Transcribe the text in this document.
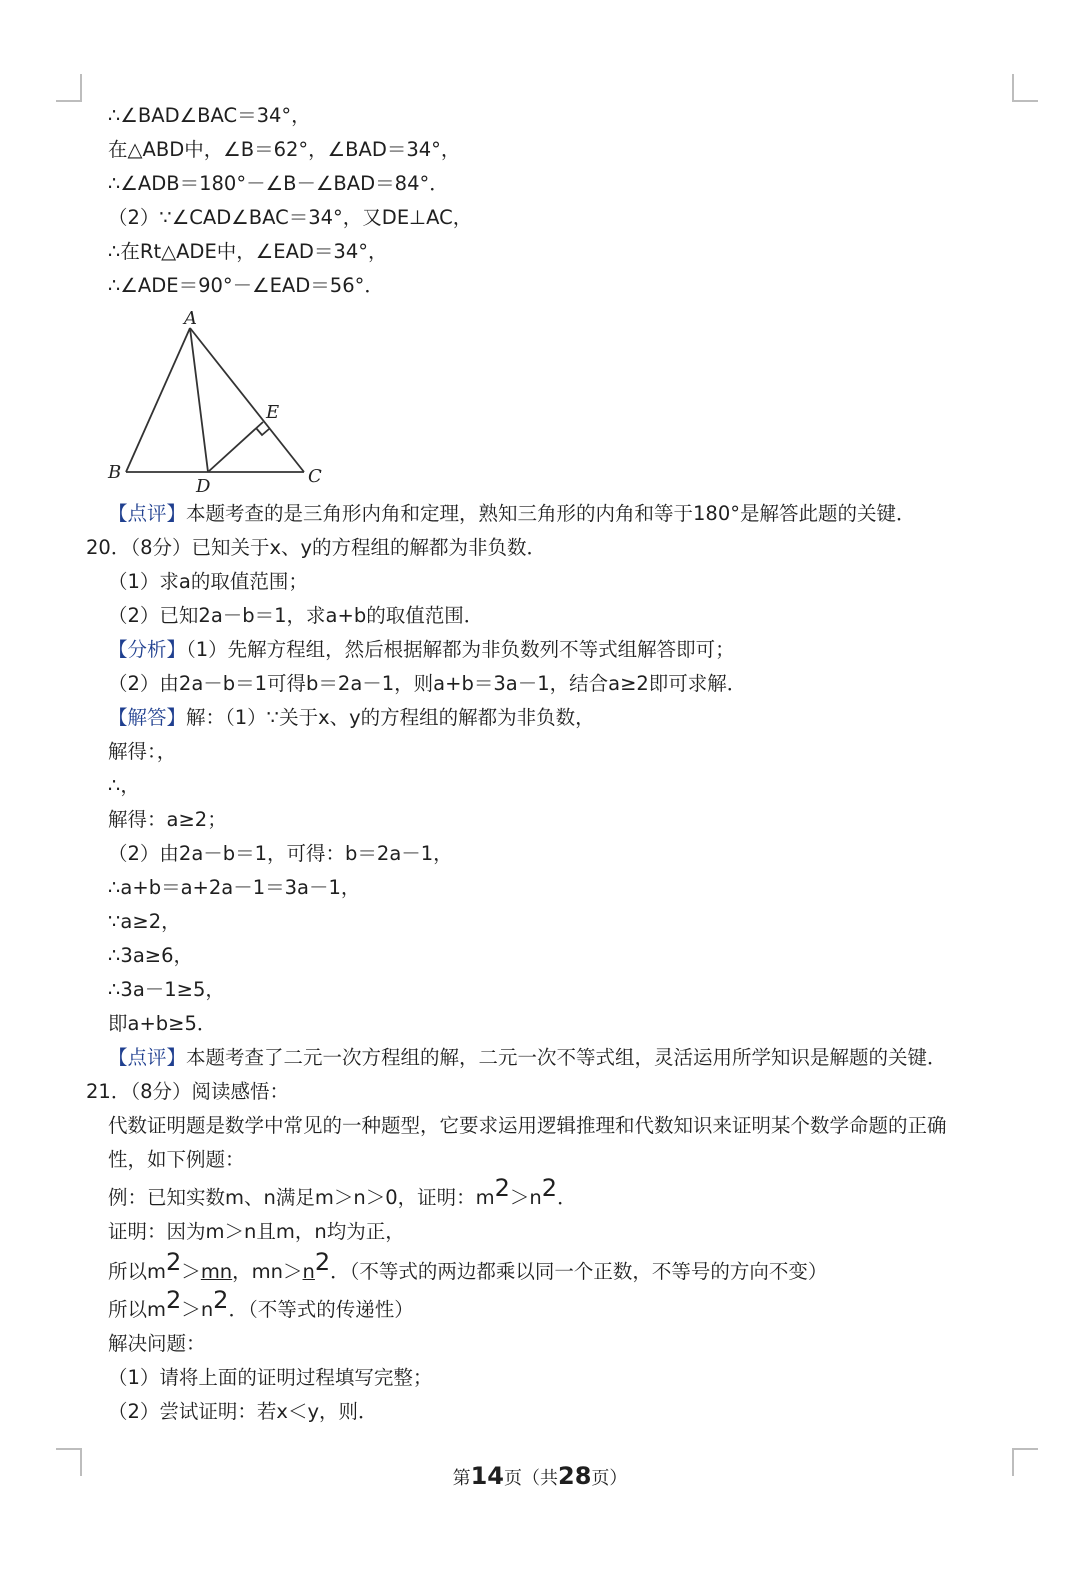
∴∠BAD∠BAC＝34°，
在△ABD中，∠B＝62°，∠BAD＝34°，
∴∠ADB＝180°－∠B－∠BAD＝84°．
（2）∵∠CAD∠BAC＝34°，又DE⊥AC，
∴在Rt△ADE中，∠EAD＝34°，
∴∠ADE＝90°－∠EAD＝56°．
A
B	C
D
E
【点评】本题考查的是三角形内角和定理，熟知三角形的内角和等于180°是解答此题的关键．
20．（8分）已知关于x、y的方程组的解都为非负数．
（1）求a的取值范围；
（2）已知2a－b＝1，求a+b的取值范围．
【分析】（1）先解方程组，然后根据解都为非负数列不等式组解答即可；
（2）由2a－b＝1可得b＝2a－1，则a+b＝3a－1，结合a≥2即可求解．
【解答】解：（1）∵关于x、y的方程组的解都为非负数，
解得：，
∴，
解得：a≥2；
（2）由2a－b＝1，可得：b＝2a－1，
∴a+b＝a+2a－1＝3a－1，
∵a≥2，
∴3a≥6，
∴3a－1≥5，
即a+b≥5．
【点评】本题考查了二元一次方程组的解，二元一次不等式组，灵活运用所学知识是解题的关键．
21．（8分）阅读感悟：
代数证明题是数学中常见的一种题型，它要求运用逻辑推理和代数知识来证明某个数学命题的正确
性，如下例题：
例：已知实数m、n满足m＞n＞0，证明：m2＞n2．
证明：因为m＞n且m，n均为正，
所以m2＞mn，mn＞n2．（不等式的两边都乘以同一个正数，不等号的方向不变）
所以m2＞n2．（不等式的传递性）
解决问题：
（1）请将上面的证明过程填写完整；
（2）尝试证明：若x＜y，则．
第14页（共28页）
